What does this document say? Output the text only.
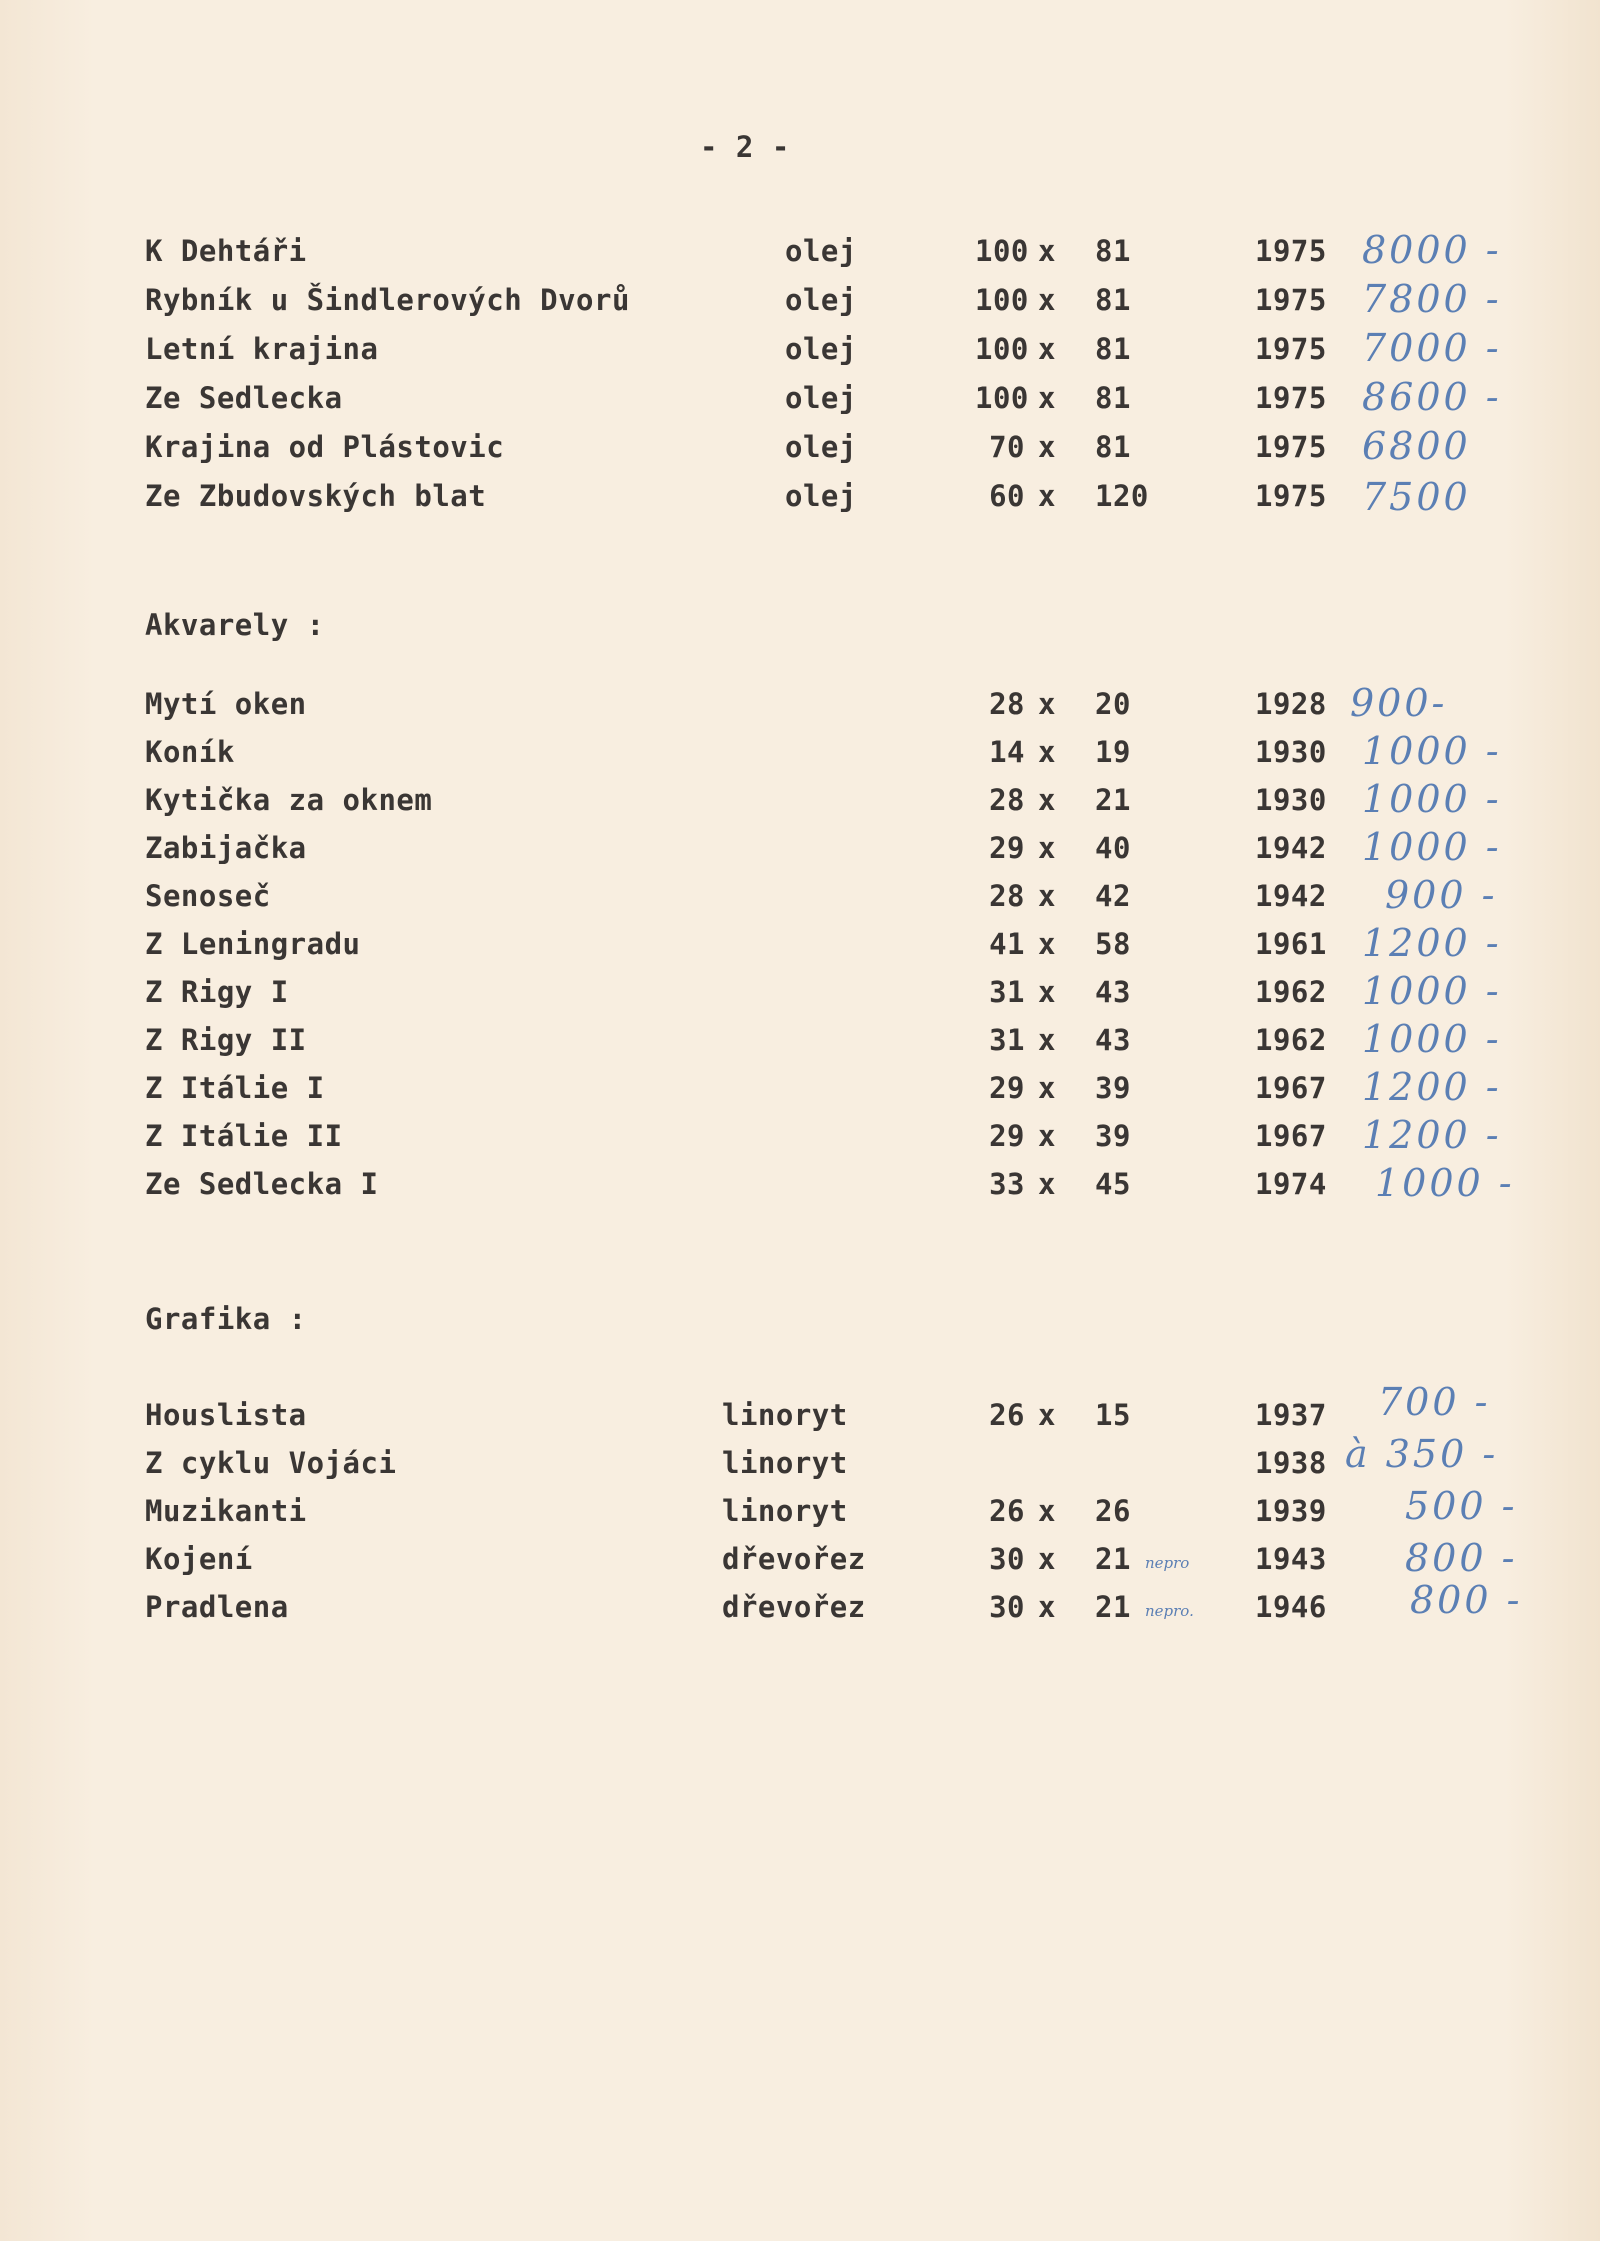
- 2 -
K Dehtáři	olej	100 x 81	1975 8000 -
Rybník u Šindlerových Dvorů	olej	100 x 81	1975 7800 -
Letní krajina	olej	100 x 81	1975 7000 -
Ze Sedlecka	olej	100 x 81	1975 8600 -
Krajina od Plástovic	olej	70 x 81	1975 6800
Ze Zbudovských blat	olej	60 x 120	1975 7500
Akvarely :
Mytí oken	28 x 20	1928 900-
Koník	14 x 19	1930 1000 -
Kytička za oknem	28 x 21	1930 1000 -
Zabijačka	29 x 40	1942 1000 -
Senoseč	28 x 42	1942 900 -
Z Leningradu	41 x 58	1961 1200 -
Z Rigy I	31 x 43	1962 1000 -
Z Rigy II	31 x 43	1962 1000 -
Z Itálie I	29 x 39	1967 1200 -
Z Itálie II	29 x 39	1967 1200 -
Ze Sedlecka I	33 x 45	1974 1000 -
Grafika :
Houslista	linoryt	26 x 15	1937 700 -
Z cyklu Vojáci	linoryt	1938 à 350 -
Muzikanti	linoryt	26 x 26	1939 500 -
Kojení	dřevořez	30 x 21 nepro 1943 800 -
Pradlena	dřevořez	30 x 21 nepro. 1946 800 -
